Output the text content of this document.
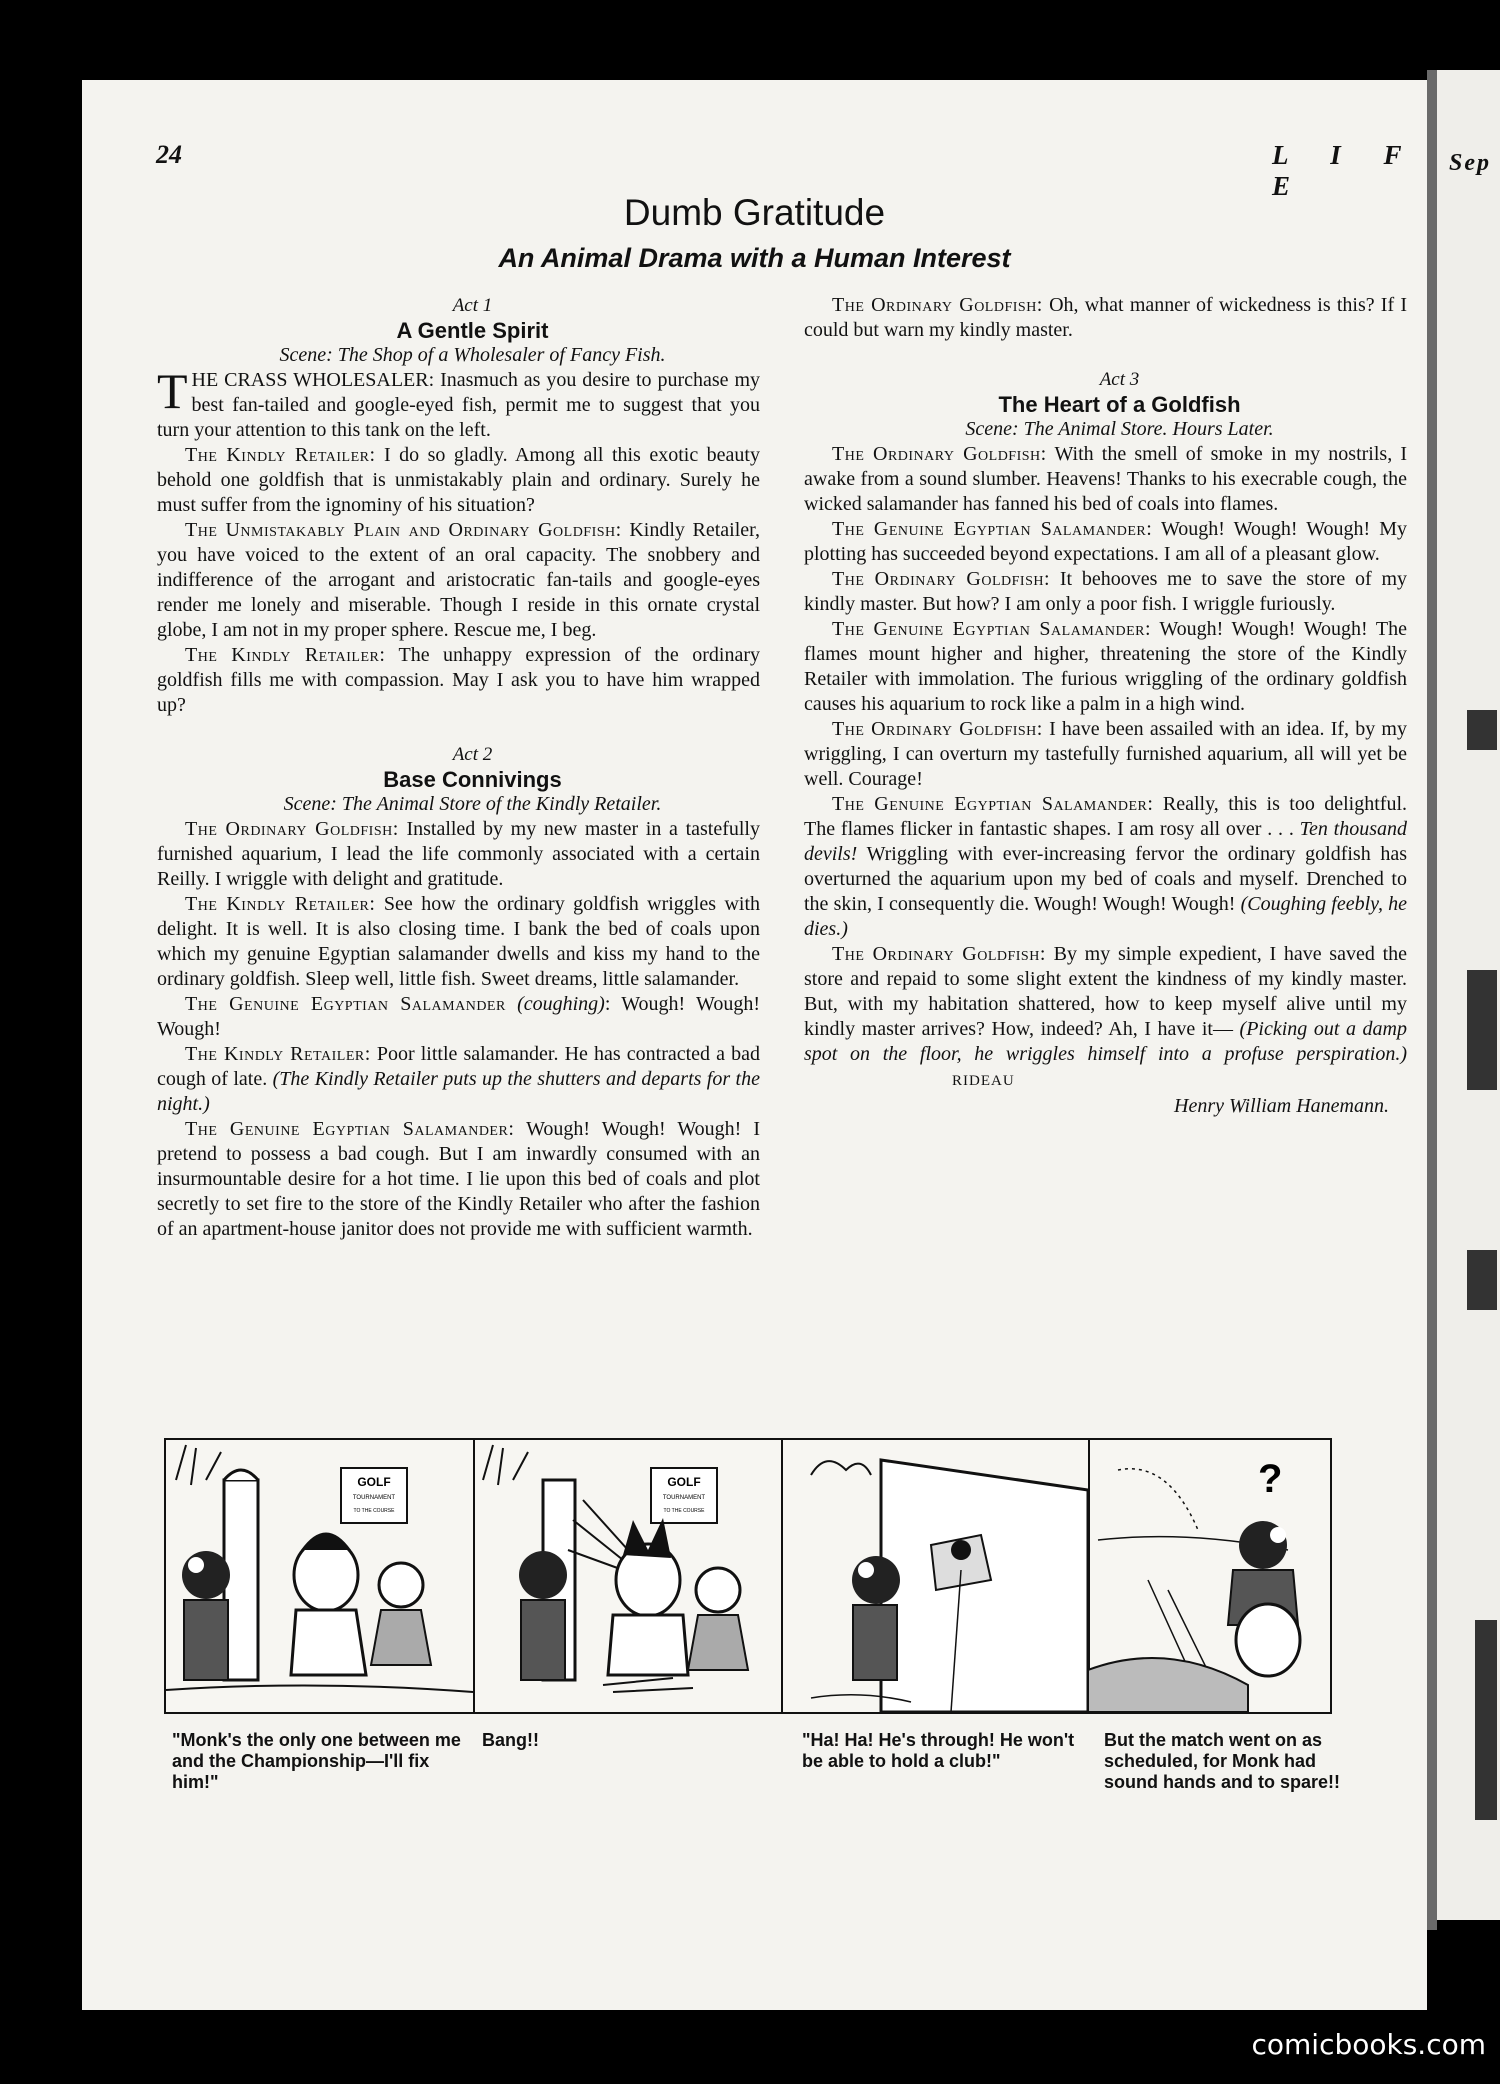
24	L I F E
Dumb Gratitude
An Animal Drama with a Human Interest

Act 1

A Gentle Spirit

Scene: The Shop of a Wholesaler of Fancy Fish.

THE CRASS WHOLESALER: Inasmuch as you desire to purchase my best fan-tailed and google-eyed fish, permit me to suggest that you turn your attention to this tank on the left.

The Kindly Retailer: I do so gladly. Among all this exotic beauty behold one goldfish that is unmistakably plain and ordinary. Surely he must suffer from the ignominy of his situation?

The Unmistakably Plain and Ordinary Goldfish: Kindly Retailer, you have voiced to the extent of an oral capacity. The snobbery and indifference of the arrogant and aristocratic fan-tails and google-eyes render me lonely and miserable. Though I reside in this ornate crystal globe, I am not in my proper sphere. Rescue me, I beg.

The Kindly Retailer: The unhappy expression of the ordinary goldfish fills me with compassion. May I ask you to have him wrapped up?

Act 2

Base Connivings

Scene: The Animal Store of the Kindly Retailer.

The Ordinary Goldfish: Installed by my new master in a tastefully furnished aquarium, I lead the life commonly associated with a certain Reilly. I wriggle with delight and gratitude.

The Kindly Retailer: See how the ordinary goldfish wriggles with delight. It is well. It is also closing time. I bank the bed of coals upon which my genuine Egyptian salamander dwells and kiss my hand to the ordinary goldfish. Sleep well, little fish. Sweet dreams, little salamander.

The Genuine Egyptian Salamander (coughing): Wough! Wough! Wough!

The Kindly Retailer: Poor little salamander. He has contracted a bad cough of late. (The Kindly Retailer puts up the shutters and departs for the night.)

The Genuine Egyptian Salamander: Wough! Wough! Wough! I pretend to possess a bad cough. But I am inwardly consumed with an insurmountable desire for a hot time. I lie upon this bed of coals and plot secretly to set fire to the store of the Kindly Retailer who after the fashion of an apartment-house janitor does not provide me with sufficient warmth.

The Ordinary Goldfish: Oh, what manner of wickedness is this? If I could but warn my kindly master.

Act 3

The Heart of a Goldfish

Scene: The Animal Store. Hours Later.

The Ordinary Goldfish: With the smell of smoke in my nostrils, I awake from a sound slumber. Heavens! Thanks to his execrable cough, the wicked salamander has fanned his bed of coals into flames.

The Genuine Egyptian Salamander: Wough! Wough! Wough! My plotting has succeeded beyond expectations. I am all of a pleasant glow.

The Ordinary Goldfish: It behooves me to save the store of my kindly master. But how? I am only a poor fish. I wriggle furiously.

The Genuine Egyptian Salamander: Wough! Wough! Wough! The flames mount higher and higher, threatening the store of the Kindly Retailer with immolation. The furious wriggling of the ordinary goldfish causes his aquarium to rock like a palm in a high wind.

The Ordinary Goldfish: I have been assailed with an idea. If, by my wriggling, I can overturn my tastefully furnished aquarium, all will yet be well. Courage!

The Genuine Egyptian Salamander: Really, this is too delightful. The flames flicker in fantastic shapes. I am rosy all over . . . Ten thousand devils! Wriggling with ever-increasing fervor the ordinary goldfish has overturned the aquarium upon my bed of coals and myself. Drenched to the skin, I consequently die. Wough! Wough! Wough! (Coughing feebly, he dies.)

The Ordinary Goldfish: By my simple expedient, I have saved the store and repaid to some slight extent the kindness of my kindly master. But, with my habitation shattered, how to keep myself alive until my kindly master arrives? How, indeed? Ah, I have it— (Picking out a damp spot on the floor, he wriggles himself into a profuse perspiration.)RIDEAU

Henry William Hanemann.

GOLF
TOURNAMENT
TO THE COURSE
GOLF
TOURNAMENT
TO THE COURSE
?
"Monk's the only one between me and the Championship—I'll fix him!"
Bang!!	"Ha! Ha! He's through! He won't be able to hold a club!"
But the match went on as scheduled, for Monk had sound hands and to spare!!
Sep
comicbooks.com
